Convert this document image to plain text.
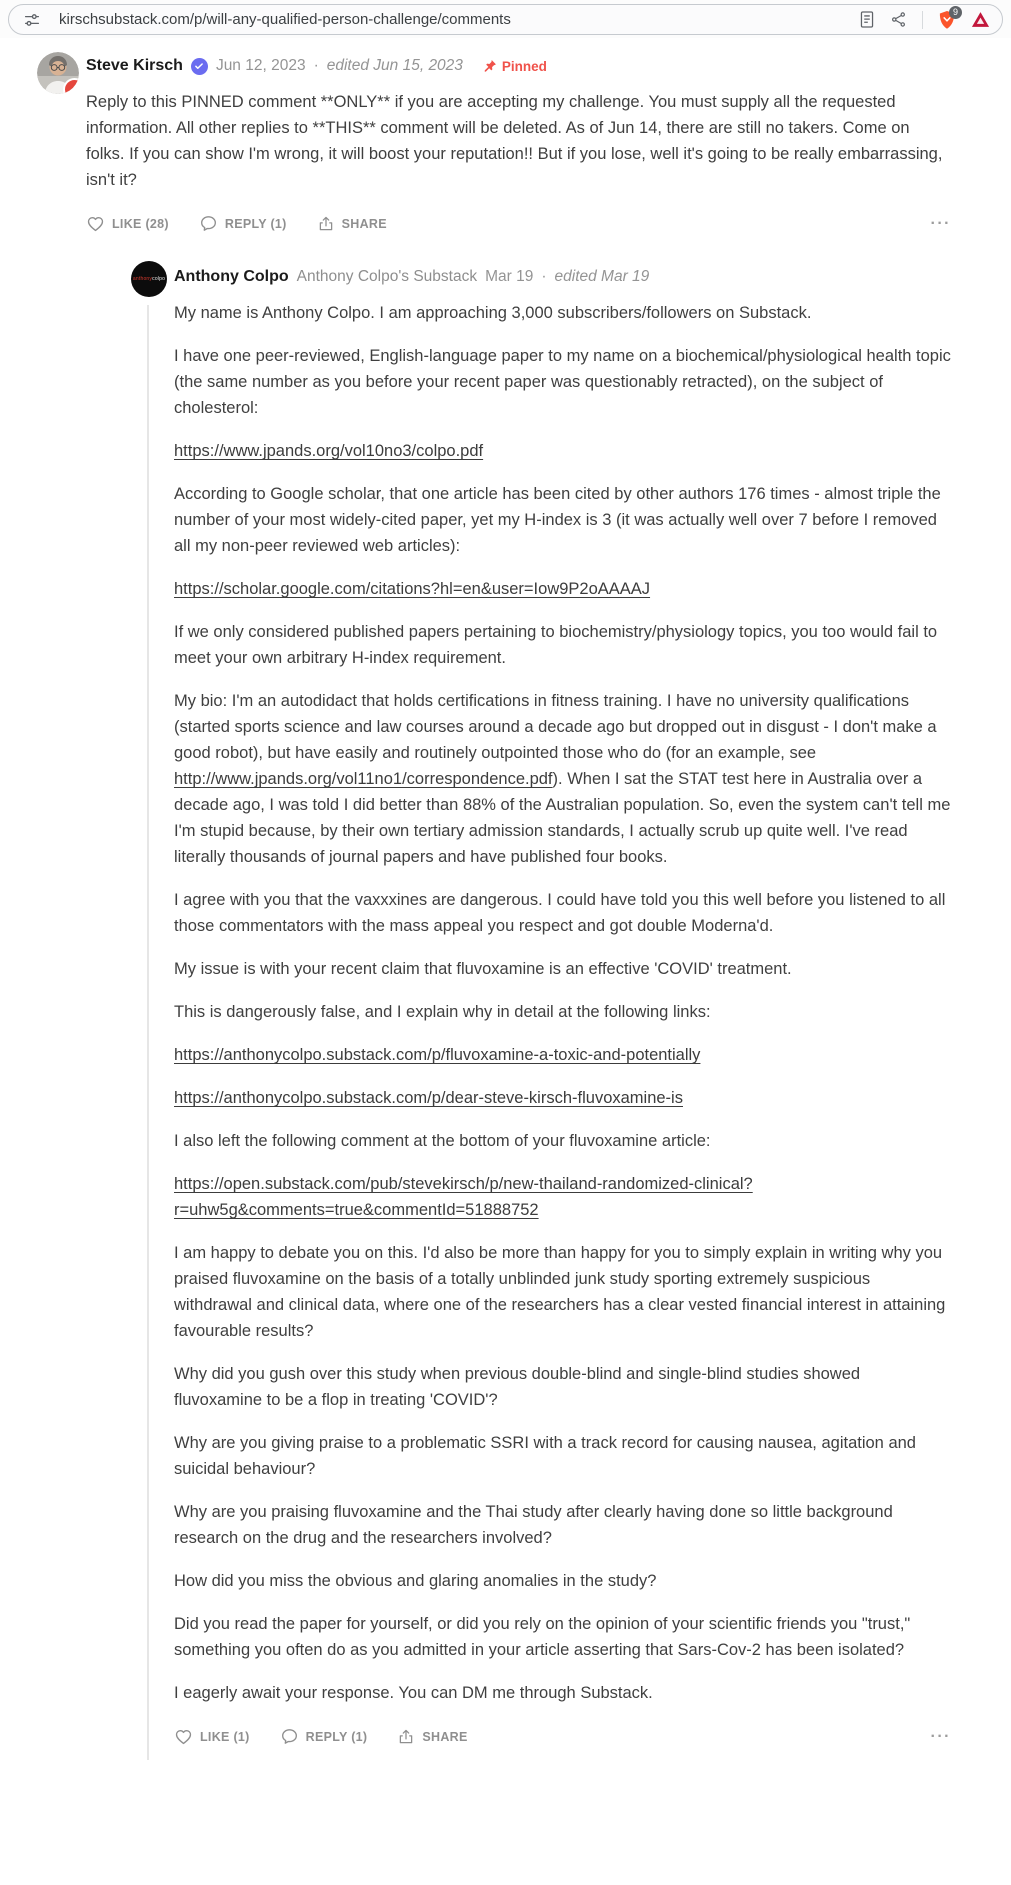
kirschsubstack.com/p/will-any-qualified-person-challenge/comments	9
Steve Kirsch Jun 12, 2023 · edited Jun 15, 2023	Pinned

Reply to this PINNED comment **ONLY** if you are accepting my challenge. You must supply all the requested information. All other replies to **THIS** comment will be deleted. As of Jun 14, there are still no takers. Come on folks. If you can show I'm wrong, it will boost your reputation!! But if you lose, well it's going to be really embarrassing, isn't it?

LIKE (28)	REPLY (1)	SHARE	···
anthonycolpo Anthony Colpo Anthony Colpo's Substack Mar 19 · edited Mar 19

My name is Anthony Colpo. I am approaching 3,000 subscribers/followers on Substack.

I have one peer-reviewed, English-language paper to my name on a biochemical/physiological health topic (the same number as you before your recent paper was questionably retracted), on the subject of cholesterol:

https://www.jpands.org/vol10no3/colpo.pdf

According to Google scholar, that one article has been cited by other authors 176 times - almost triple the number of your most widely-cited paper, yet my H-index is 3 (it was actually well over 7 before I removed all my non-peer reviewed web articles):

https://scholar.google.com/citations?hl=en&user=Iow9P2oAAAAJ

If we only considered published papers pertaining to biochemistry/physiology topics, you too would fail to meet your own arbitrary H-index requirement.

My bio: I'm an autodidact that holds certifications in fitness training. I have no university qualifications (started sports science and law courses around a decade ago but dropped out in disgust - I don't make a good robot), but have easily and routinely outpointed those who do (for an example, see http://www.jpands.org/vol11no1/correspondence.pdf). When I sat the STAT test here in Australia over a decade ago, I was told I did better than 88% of the Australian population. So, even the system can't tell me I'm stupid because, by their own tertiary admission standards, I actually scrub up quite well. I've read literally thousands of journal papers and have published four books.

I agree with you that the vaxxxines are dangerous. I could have told you this well before you listened to all those commentators with the mass appeal you respect and got double Moderna'd.

My issue is with your recent claim that fluvoxamine is an effective 'COVID' treatment.

This is dangerously false, and I explain why in detail at the following links:

https://anthonycolpo.substack.com/p/fluvoxamine-a-toxic-and-potentially

https://anthonycolpo.substack.com/p/dear-steve-kirsch-fluvoxamine-is

I also left the following comment at the bottom of your fluvoxamine article:

https://open.substack.com/pub/stevekirsch/p/new-thailand-randomized-clinical?r=uhw5g&comments=true&commentId=51888752

I am happy to debate you on this. I'd also be more than happy for you to simply explain in writing why you praised fluvoxamine on the basis of a totally unblinded junk study sporting extremely suspicious withdrawal and clinical data, where one of the researchers has a clear vested financial interest in attaining favourable results?

Why did you gush over this study when previous double-blind and single-blind studies showed fluvoxamine to be a flop in treating 'COVID'?

Why are you giving praise to a problematic SSRI with a track record for causing nausea, agitation and suicidal behaviour?

Why are you praising fluvoxamine and the Thai study after clearly having done so little background research on the drug and the researchers involved?

How did you miss the obvious and glaring anomalies in the study?

Did you read the paper for yourself, or did you rely on the opinion of your scientific friends you "trust," something you often do as you admitted in your article asserting that Sars-Cov-2 has been isolated?

I eagerly await your response. You can DM me through Substack.

LIKE (1)	REPLY (1)	SHARE	···
